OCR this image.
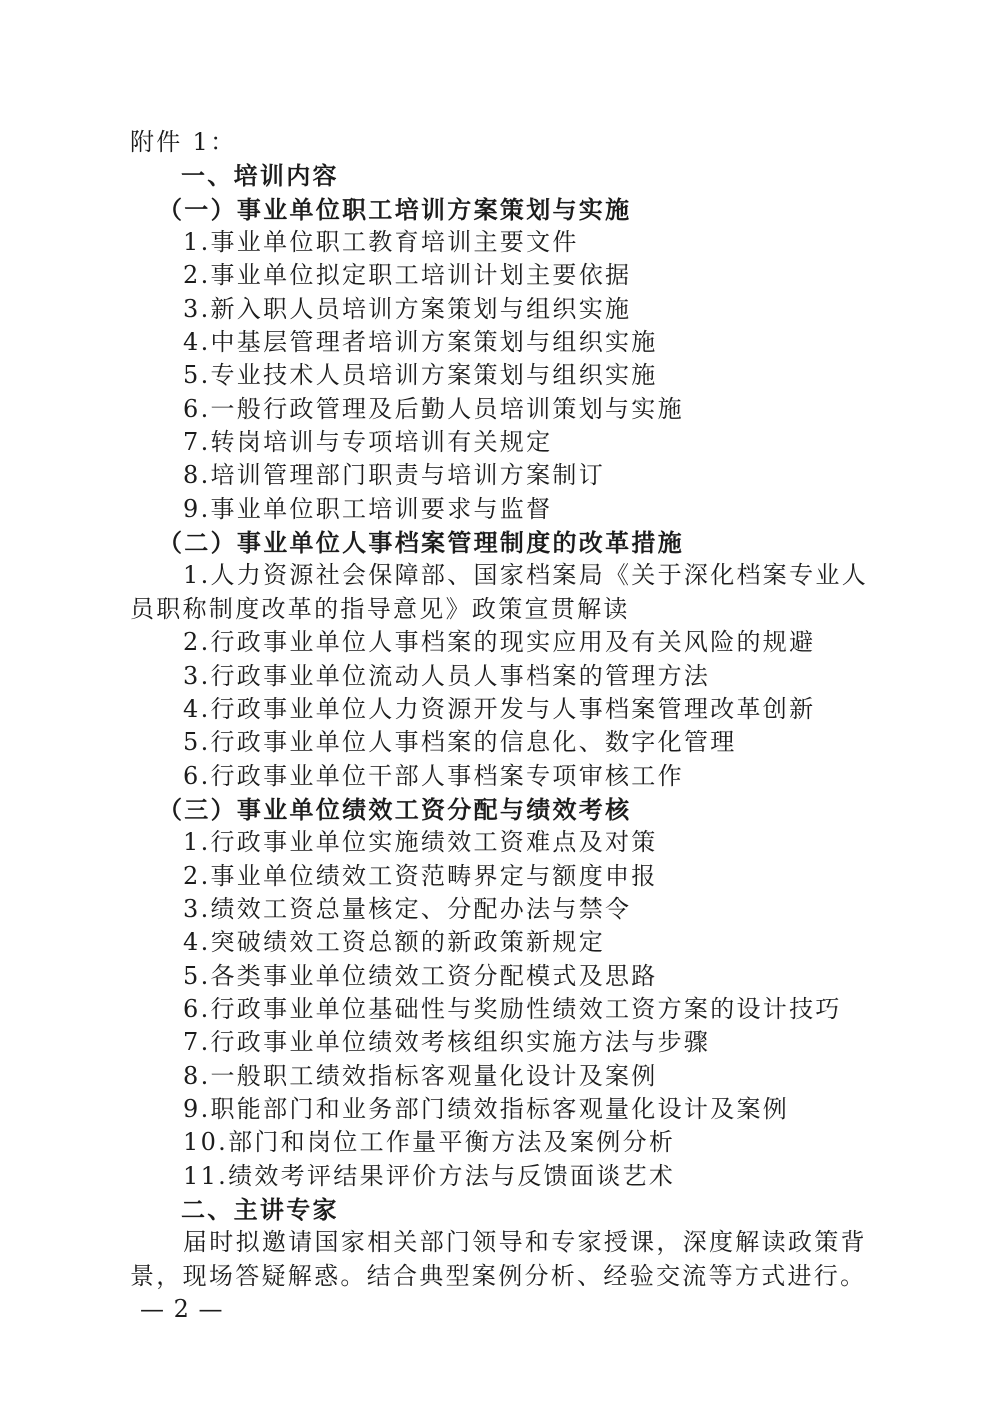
附件 1：
一、培训内容
（一）事业单位职工培训方案策划与实施
1.事业单位职工教育培训主要文件
2.事业单位拟定职工培训计划主要依据
3.新入职人员培训方案策划与组织实施
4.中基层管理者培训方案策划与组织实施
5.专业技术人员培训方案策划与组织实施
6.一般行政管理及后勤人员培训策划与实施
7.转岗培训与专项培训有关规定
8.培训管理部门职责与培训方案制订
9.事业单位职工培训要求与监督
（二）事业单位人事档案管理制度的改革措施
1.人力资源社会保障部、国家档案局《关于深化档案专业人
员职称制度改革的指导意见》政策宣贯解读
2.行政事业单位人事档案的现实应用及有关风险的规避
3.行政事业单位流动人员人事档案的管理方法
4.行政事业单位人力资源开发与人事档案管理改革创新
5.行政事业单位人事档案的信息化、数字化管理
6.行政事业单位干部人事档案专项审核工作
（三）事业单位绩效工资分配与绩效考核
1.行政事业单位实施绩效工资难点及对策
2.事业单位绩效工资范畴界定与额度申报
3.绩效工资总量核定、分配办法与禁令
4.突破绩效工资总额的新政策新规定
5.各类事业单位绩效工资分配模式及思路
6.行政事业单位基础性与奖励性绩效工资方案的设计技巧
7.行政事业单位绩效考核组织实施方法与步骤
8.一般职工绩效指标客观量化设计及案例
9.职能部门和业务部门绩效指标客观量化设计及案例
10.部门和岗位工作量平衡方法及案例分析
11.绩效考评结果评价方法与反馈面谈艺术
二、主讲专家
届时拟邀请国家相关部门领导和专家授课，深度解读政策背
景，现场答疑解惑。结合典型案例分析、经验交流等方式进行。
— 2 —
